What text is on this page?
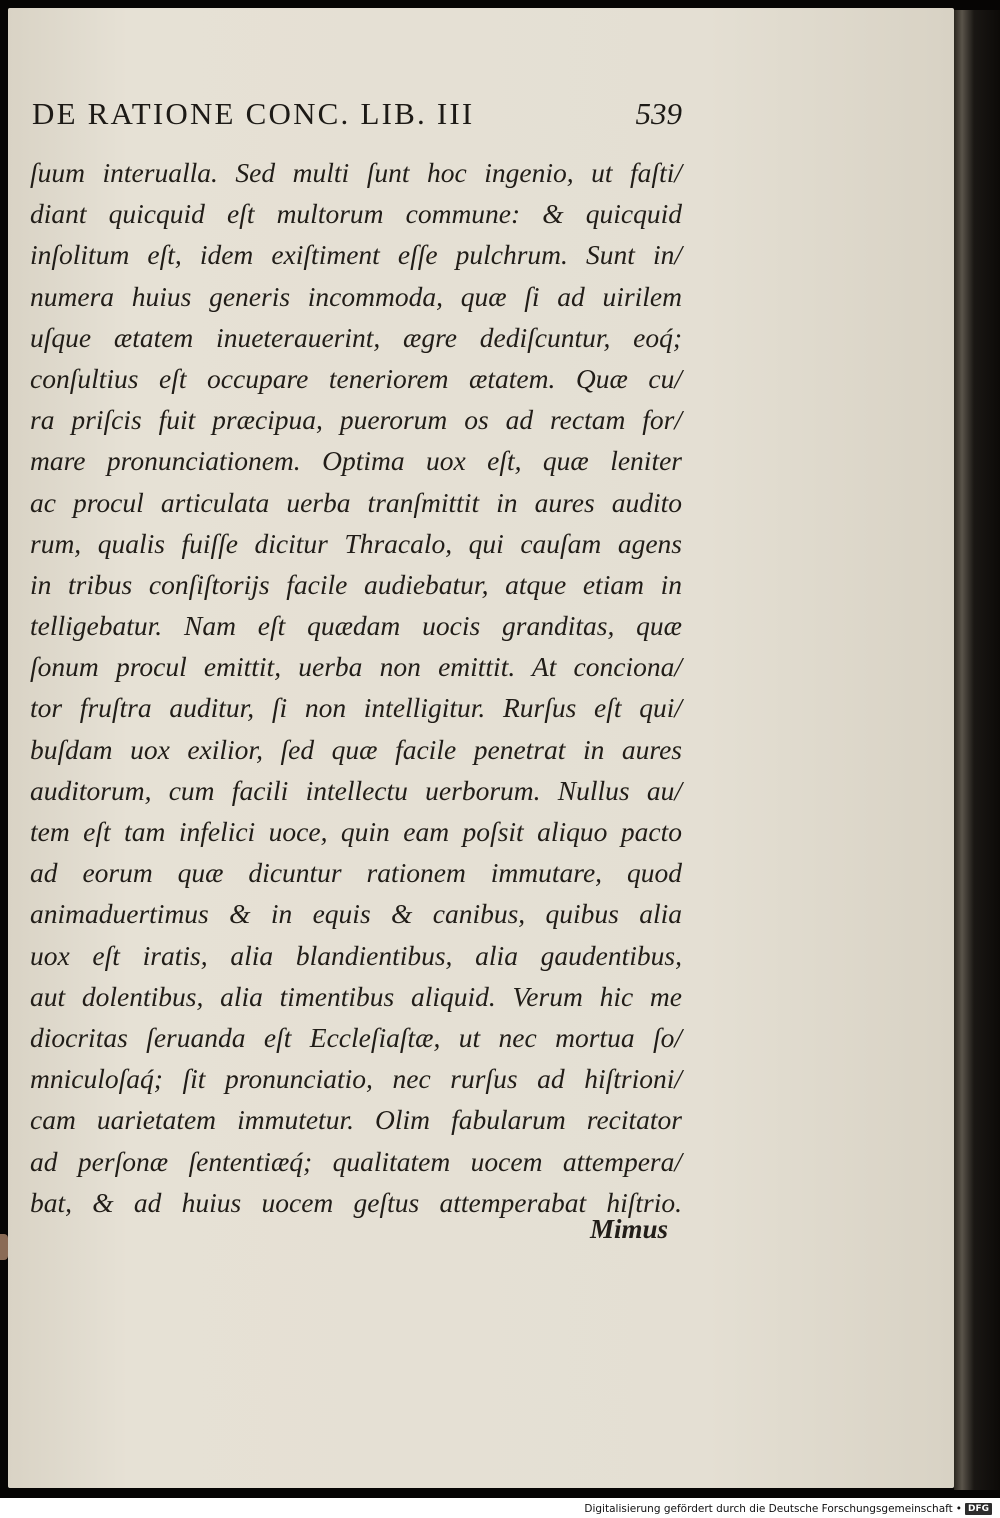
DE RATIONE CONC. LIB. III	539
ſuum interualla. Sed multi ſunt hoc ingenio, ut faſti/
diant quicquid eſt multorum commune: & quicquid
inſolitum eſt, idem exiſtiment eſſe pulchrum. Sunt in/
numera huius generis incommoda, quæ ſi ad uirilem
uſque ætatem inueterauerint, ægre dediſcuntur, eoq́;
conſultius eſt occupare teneriorem ætatem. Quæ cu/
ra priſcis fuit præcipua, puerorum os ad rectam for/
mare pronunciationem. Optima uox eſt, quæ leniter
ac procul articulata uerba tranſmittit in aures audito
rum, qualis fuiſſe dicitur Thracalo, qui cauſam agens
in tribus conſiſtorijs facile audiebatur, atque etiam in
telligebatur. Nam eſt quædam uocis granditas, quæ
ſonum procul emittit, uerba non emittit. At conciona/
tor fruſtra auditur, ſi non intelligitur. Rurſus eſt qui/
buſdam uox exilior, ſed quæ facile penetrat in aures
auditorum, cum facili intellectu uerborum. Nullus au/
tem eſt tam infelici uoce, quin eam poſsit aliquo pacto
ad eorum quæ dicuntur rationem immutare, quod
animaduertimus & in equis & canibus, quibus alia
uox eſt iratis, alia blandientibus, alia gaudentibus,
aut dolentibus, alia timentibus aliquid. Verum hic me
diocritas ſeruanda eſt Eccleſiaſtæ, ut nec mortua ſo/
mniculoſaq́; ſit pronunciatio, nec rurſus ad hiſtrioni/
cam uarietatem immutetur. Olim fabularum recitator
ad perſonæ ſententiæq́; qualitatem uocem attempera/
bat, & ad huius uocem geſtus attemperabat hiſtrio.
Mimus
Digitalisierung gefördert durch die Deutsche Forschungsgemeinschaft • DFG
